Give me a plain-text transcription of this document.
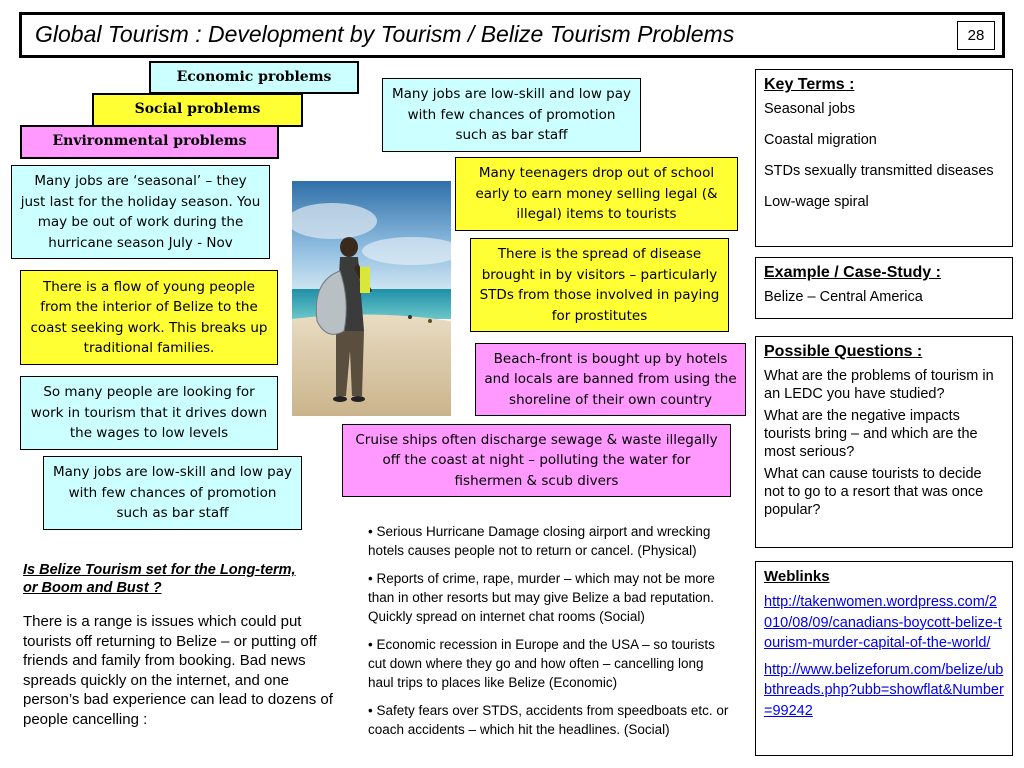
Global Tourism : Development by Tourism / Belize Tourism Problems	28
Economic problems
Social problems
Environmental problems
Many jobs are ‘seasonal’ – they just last for the holiday season. You may be out of work during the hurricane season July - Nov
There is a flow of young people from the interior of Belize to the coast seeking work. This breaks up traditional families.
So many people are looking for work in tourism that it drives down the wages to low levels
Many jobs are low-skill and low pay with few chances of promotion such as bar staff
Many jobs are low-skill and low pay with few chances of promotion such as bar staff
Many teenagers drop out of school early to earn money selling legal (& illegal) items to tourists
There is the spread of disease brought in by visitors – particularly STDs from those involved in paying for prostitutes
Beach-front is bought up by hotels and locals are banned from using the shoreline of their own country
Cruise ships often discharge sewage & waste illegally off the coast at night – polluting the water for fishermen & scub divers
Is Belize Tourism set for the Long-term, or Boom and Bust ?
There is a range is issues which could put tourists off returning to Belize – or putting off friends and family from booking. Bad news spreads quickly on the internet, and one person’s bad experience can lead to dozens of people cancelling :

• Serious Hurricane Damage closing airport and wrecking hotels causes people not to return or cancel. (Physical)

• Reports of crime, rape, murder – which may not be more than in other resorts but may give Belize a bad reputation. Quickly spread on internet chat rooms (Social)

• Economic recession in Europe and the USA – so tourists cut down where they go and how often – cancelling long haul trips to places like Belize (Economic)

• Safety fears over STDS, accidents from speedboats etc. or coach accidents – which hit the headlines. (Social)

Key Terms :

Seasonal jobs

Coastal migration

STDs sexually transmitted diseases

Low-wage spiral

Example / Case-Study :

Belize – Central America

Possible Questions :

What are the problems of tourism in an LEDC you have studied?

What are the negative impacts tourists bring – and which are the most serious?

What can cause tourists to decide not to go to a resort that was once popular?

Weblinks
http://takenwomen.wordpress.com/2010/08/09/canadians-boycott-belize-tourism-murder-capital-of-the-world/
http://www.belizeforum.com/belize/ubbthreads.php?ubb=showflat&Number=99242
